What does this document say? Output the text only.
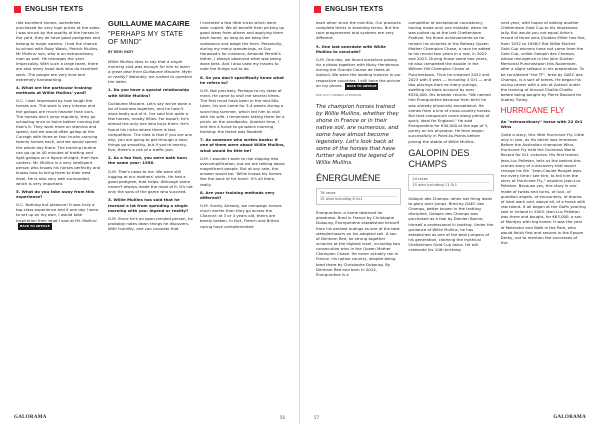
ENGLISH TEXTS

ride excellent horses, sometimes purchased for very high prices at the sales. I was struck by the quality of the horses in the yard, they all have good pedigrees and belong to major owners. I had the chance to school with Ruby Walsh, Patrick Mullins, Mr Mullins' son, who is an extraordinary man as well. He manages the yard impeccably. With such a large team, there are also many head lads who do excellent work. The people are very kind and extremely hardworking.

4. What are the particular training methods at Willie Mullins' yard?

G.C. I was impressed by how tough the horses are. The work is very intense and the gallops are much heavier than ours. The horses don't jump regularly, they go schooling once or twice before running but that's it. They work more on stamina and speed, and we would often gallop at the Curragh with three or four trucks carrying twenty horses each, and we would spend the whole day there. The training routine can go up to 40 minutes of trotting and light gallops on a figure-of-eight, then two canters. Mr. Mullins is a very intelligent person who knows his horses perfectly and knows how to bring them to their best level. He is also very well surrounded, which is very important.

5. What do you take away from this experience?

G.C. Nothing but pleasure! It was truly a top-class experience and if one day I were to set up on my own, I would take inspiration from what I saw at Mr. Mullins'.BACK TO ARTICLE

GUILLAUME MACAIRE
"PERHAPS MY STATE OF MIND"
BY REMI OKEY

Willie Mullins likes to say that a single morning visit was enough for him to learn a great deal from Guillaume Macaire. Myth or reality? Naturally, we rushed to question the latter.

1. Do you have a special relationship with Willie Mullins?

Guillaume Macaire. Let's say we've done a lot of business together, and he hasn't done badly out of it. I've sold him quite a few horses, mostly fillies. For export, he's almost the only one who buys them. He's found his niche where there is less competition. The idea is that if you are one day, you are going to get through a door, things go smoothly, but if you're twenty-five, there's a risk of a traffic jam.

2. As a fan fact, you were both born the same year: 1956.

G.M. That's news to me. We were still lugging at our mothers' skirts. He had a good pedigree, that helps. Although some haven't always made the most of it. It's not only the sons of the game who succeed.

3. Willie Mullins has said that he learned a lot from spending a single morning with you: legend or reality?

G.M. Since he's an open-minded person, he probably notes down things he discovers. With humility, one can consider that

I invented a few little tricks which were later copied. We all benefit from picking up good ideas from others and applying them back home, as long as we keep the substance and adapt the form. Personally, during my many wanderings, at Guy Harwood's for instance, Amanda Perrett's father, I always observed what was being done best. And I also used my travels to note the things not to do.

6. So you don't specifically know what he refers to?

G.M. Not precisely. Perhaps to my state of mind. He came to visit me several times. The first must have been in the mid-90s. Later, his son came for 3-4 weeks during a scorching summer, which led him to visit with his wife. I remember taking them for a picnic on the sandbanks. Another time, I lent him a horse to go watch morning training: the forest was flooded!

7. As someone who writes books: if one of them were about Willie Mullins, what would its title be?

G.M. I wouldn't want to risk slipping into oversimplification, but we are talking about magnificent people. But at any rate, the answer would be: 'Willie knows his horses like the back of his hand.' It's all there, really.

8. Are your training methods very different?

G.M. Surely. Already, we campaign horses much earlier than they go across the Channel: at 3 or 4 years old, theirs are barely broken. In fact, French and British racing have complemented

GALORAMA	56
ENGLISH TEXTS

each other since the mid-90s. Our products complete theirs in breeding terms. But the race programmes and systems are very different.

9. One last anecdote with Willie Mullins to conclude?

G.M. One day, we found ourselves posing for a photo together with Nicky Henderson during the Grande Course de Haies at Auteuil. We were the leading trainers in our respective countries. I still have the picture on my phone. BACK TO ARTICLE

PAR LUCY HANNAH CHOORON
The champion horses trained by Willie Mullins, whether they shone in France or in their native soil, are numerous, and some have almost become legendary. Let's look back at some of the horses that have further shaped the legend of Willie Mullins.
ÉNERGUMÈNE
78 races
15 wins including 6 Gr1

Énergumène: a name destined for greatness. Bred in France by Christophe Dubourg, Énergumène established himself from his earliest outings as one of the best steeplechasers on his adopted soil. A son of Denham Red, he strung together victories at the highest level, including two consecutive wins in the Queen Mother Champion Chase. He never actually ran in France, his native country, despite being bred there by Christophe Dubourg. By Denham Red and born in 2014, Énergumène is a

competitor of exceptional consistency, having made only one mistake, when he was pulled up at the last Cheltenham Festival. His finest achievements so far remain his victories in the Betway Queen Mother Champion Chase, a race he added to his record two years in a row, in 2022 and 2023. During those same two years, he also completed the double in the William Hill Champion Chase at Punchestown. Thus he crowned 2022 and 2023 with 5 wins — including 4 Gr1 — and two placings from as many outings, swelling his bank account by over €550,000. His breeder recalls: "We named him Énergumène because from birth he was already physically exceptional. He comes from a line of cross-country horses. But that composure came along plenty of spirit, ideal for England." He sold Énergumène for €50,000 at the age of 3, purely on his physique. He then began successfully in Point-to-Points before joining the stable of Willie Mullins.

GALOPIN DES CHAMPS
24 races
15 wins including 11 Gr1

Galopin des Champs: when not firing leads to glory over jumps. Bred by GAEC des Champs, better known in the trotting discipline, Galopin des Champs was purchased as a foal by Damien Bonne, himself a professional in trotting. Under the guidance of Willie Mullins, he has established as one of the best jumpers of his generation, claiming the mythical Cheltenham Gold Cup twice. He will celebrate his 10th birthday

next year, with hopes of adding another Cheltenham Gold Cup to his impressive tally. But would you not equal Arkle's record of three wins (Golden Miller has five, from 1932 to 1936)? But Willie Mullins' Gold Cup winners have not come from the Gold Cup, unlike Galopin des Champs, whose resurgence in the John Durkan Memorial Punchestown this November, after a slight setback in his preparation. To be considered "the TF", bred by GAEC des Champs, is a sort of tomes. He began his racing career with a win at Auteuil under the training of Arnaud Chaille-Chaille before being bought by Pierre Boulard for Audrey Turley.

HURRICANE FLY

An "extraordinary" horse with 22 Gr1 Wins

Quite a story, this little Hurricane Fly. Little only in size, as his talent was immense. Before the Australian champion Winx, Hurricane Fly held the Guinness World Record for Gr1 victories. His first trainer, Jean-Luc Pelletan, tells us the behind-the-scenes story of a discovery that would change his life. "Jean-Claude Rouget asks me every time I see him, to tell him the story of Hurricane Fly," explains Jean-Luc Pelletan. Because yes, this story is one made of twists and turns, of luck, of guardian angels, of encounters, of drama, of hard work and, above all, of a horse with raw talent. It all began at the Goffs yearling sale in Ireland in 2005. Jean-Luc Pelletan was there and bought, for €63,000, a son of Montjeu with big knees. It was the year of Motivator and Walk in the Park, who would finish first and second in the Epsom Derby, not to mention the successes of Hur-

57	GALORAMA
